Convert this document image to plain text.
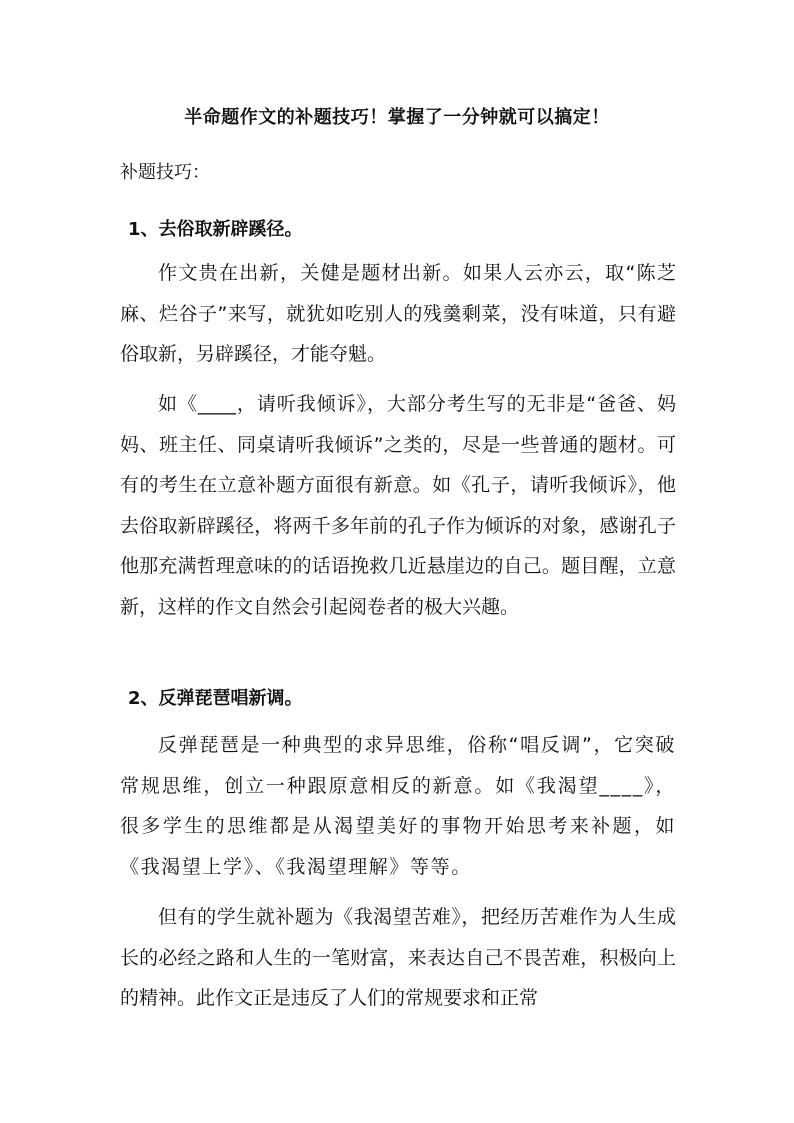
半命题作文的补题技巧！掌握了一分钟就可以搞定！
补题技巧：
1、去俗取新辟蹊径。

作文贵在出新，关健是题材出新。如果人云亦云，取“陈芝麻、烂谷子”来写，就犹如吃别人的残羹剩菜，没有味道，只有避俗取新，另辟蹊径，才能夺魁。

如《____，请听我倾诉》，大部分考生写的无非是“爸爸、妈妈、班主任、同桌请听我倾诉”之类的，尽是一些普通的题材。可有的考生在立意补题方面很有新意。如《孔子，请听我倾诉》，他去俗取新辟蹊径，将两千多年前的孔子作为倾诉的对象，感谢孔子他那充满哲理意味的的话语挽救几近悬崖边的自己。题目醒，立意新，这样的作文自然会引起阅卷者的极大兴趣。

2、反弹琵琶唱新调。

反弹琵琶是一种典型的求异思维，俗称“唱反调”，它突破常规思维，创立一种跟原意相反的新意。如《我渴望____》，很多学生的思维都是从渴望美好的事物开始思考来补题，如《我渴望上学》、《我渴望理解》等等。

但有的学生就补题为《我渴望苦难》，把经历苦难作为人生成长的必经之路和人生的一笔财富，来表达自己不畏苦难，积极向上的精神。此作文正是违反了人们的常规要求和正常
